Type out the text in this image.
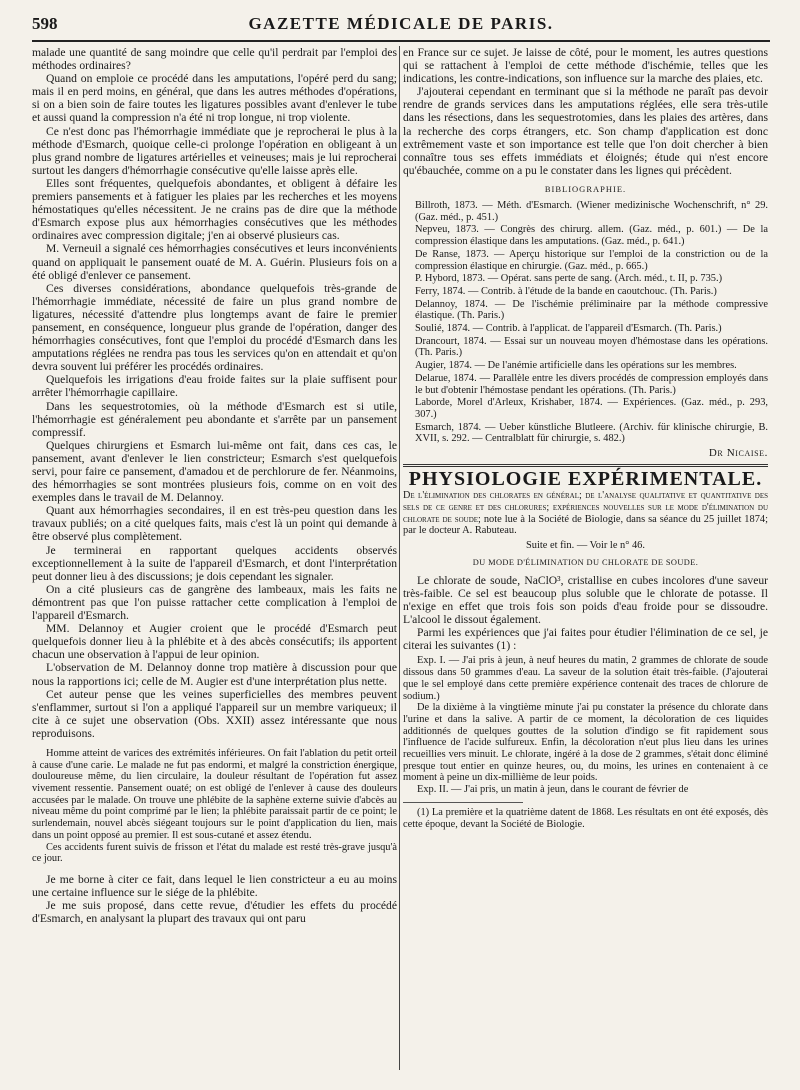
598	GAZETTE MÉDICALE DE PARIS.

malade une quantité de sang moindre que celle qu'il perdrait par l'emploi des méthodes ordinaires?

Quand on emploie ce procédé dans les amputations, l'opéré perd du sang; mais il en perd moins, en général, que dans les autres méthodes d'opérations, si on a bien soin de faire toutes les ligatures possibles avant d'enlever le tube et aussi quand la compression n'a été ni trop longue, ni trop violente.

Ce n'est donc pas l'hémorrhagie immédiate que je reprocherai le plus à la méthode d'Esmarch, quoique celle-ci prolonge l'opération en obligeant à un plus grand nombre de ligatures artérielles et veineuses; mais je lui reprocherai surtout les dangers d'hémorrhagie consécutive qu'elle laisse après elle.

Elles sont fréquentes, quelquefois abondantes, et obligent à défaire les premiers pansements et à fatiguer les plaies par les recherches et les moyens hémostatiques qu'elles nécessitent. Je ne crains pas de dire que la méthode d'Esmarch expose plus aux hémorrhagies consécutives que les méthodes ordinaires avec compression digitale; j'en ai observé plusieurs cas.

M. Verneuil a signalé ces hémorrhagies consécutives et leurs inconvénients quand on appliquait le pansement ouaté de M. A. Guérin. Plusieurs fois on a été obligé d'enlever ce pansement.

Ces diverses considérations, abondance quelquefois très-grande de l'hémorrhagie immédiate, nécessité de faire un plus grand nombre de ligatures, nécessité d'attendre plus longtemps avant de faire le premier pansement, en conséquence, longueur plus grande de l'opération, danger des hémorrhagies consécutives, font que l'emploi du procédé d'Esmarch dans les amputations réglées ne rendra pas tous les services qu'on en attendait et qu'on devra souvent lui préférer les procédés ordinaires.

Quelquefois les irrigations d'eau froide faites sur la plaie suffisent pour arrêter l'hémorrhagie capillaire.

Dans les sequestrotomies, où la méthode d'Esmarch est si utile, l'hémorrhagie est généralement peu abondante et s'arrête par un pansement compressif.

Quelques chirurgiens et Esmarch lui-même ont fait, dans ces cas, le pansement, avant d'enlever le lien constricteur; Esmarch s'est quelquefois servi, pour faire ce pansement, d'amadou et de perchlorure de fer. Néanmoins, des hémorrhagies se sont montrées plusieurs fois, comme on en voit des exemples dans le travail de M. Delannoy.

Quant aux hémorrhagies secondaires, il en est très-peu question dans les travaux publiés; on a cité quelques faits, mais c'est là un point qui demande à être observé plus complètement.

Je terminerai en rapportant quelques accidents observés exceptionnellement à la suite de l'appareil d'Esmarch, et dont l'interprétation peut donner lieu à des discussions; je dois cependant les signaler.

On a cité plusieurs cas de gangrène des lambeaux, mais les faits ne démontrent pas que l'on puisse rattacher cette complication à l'emploi de l'appareil d'Esmarch.

MM. Delannoy et Augier croient que le procédé d'Esmarch peut quelquefois donner lieu à la phlébite et à des abcès consécutifs; ils apportent chacun une observation à l'appui de leur opinion.

L'observation de M. Delannoy donne trop matière à discussion pour que nous la rapportions ici; celle de M. Augier est d'une interprétation plus nette.

Cet auteur pense que les veines superficielles des membres peuvent s'enflammer, surtout si l'on a appliqué l'appareil sur un membre variqueux; il cite à ce sujet une observation (Obs. XXII) assez intéressante que nous reproduisons.

Homme atteint de varices des extrémités inférieures. On fait l'ablation du petit orteil à cause d'une carie. Le malade ne fut pas endormi, et malgré la constriction énergique, douloureuse même, du lien circulaire, la douleur résultant de l'opération fut assez vivement ressentie. Pansement ouaté; on est obligé de l'enlever à cause des douleurs accusées par le malade. On trouve une phlébite de la saphène externe suivie d'abcès au niveau même du point comprimé par le lien; la phlébite paraissait partir de ce point; le surlendemain, nouvel abcès siégeant toujours sur le point d'application du lien, mais dans un point opposé au premier. Il est sous-cutané et assez étendu.

Ces accidents furent suivis de frisson et l'état du malade est resté très-grave jusqu'à ce jour.

Je me borne à citer ce fait, dans lequel le lien constricteur a eu au moins une certaine influence sur le siége de la phlébite.

Je me suis proposé, dans cette revue, d'étudier les effets du procédé d'Esmarch, en analysant la plupart des travaux qui ont paru

en France sur ce sujet. Je laisse de côté, pour le moment, les autres questions qui se rattachent à l'emploi de cette méthode d'ischémie, telles que les indications, les contre-indications, son influence sur la marche des plaies, etc.

J'ajouterai cependant en terminant que si la méthode ne paraît pas devoir rendre de grands services dans les amputations réglées, elle sera très-utile dans les résections, dans les sequestrotomies, dans les plaies des artères, dans la recherche des corps étrangers, etc. Son champ d'application est donc extrêmement vaste et son importance est telle que l'on doit chercher à bien connaître tous ses effets immédiats et éloignés; étude qui n'est encore qu'ébauchée, comme on a pu le constater dans les lignes qui précèdent.

BIBLIOGRAPHIE.

Billroth, 1873. — Méth. d'Esmarch. (Wiener medizinische Wochenschrift, n° 29. (Gaz. méd., p. 451.)

Nepveu, 1873. — Congrès des chirurg. allem. (Gaz. méd., p. 601.) — De la compression élastique dans les amputations. (Gaz. méd., p. 641.)

De Ranse, 1873. — Aperçu historique sur l'emploi de la constriction ou de la compression élastique en chirurgie. (Gaz. méd., p. 665.)

P. Hybord, 1873. — Opérat. sans perte de sang. (Arch. méd., t. II, p. 735.)

Ferry, 1874. — Contrib. à l'étude de la bande en caoutchouc. (Th. Paris.)

Delannoy, 1874. — De l'ischémie préliminaire par la méthode compressive élastique. (Th. Paris.)

Soulié, 1874. — Contrib. à l'applicat. de l'appareil d'Esmarch. (Th. Paris.)

Drancourt, 1874. — Essai sur un nouveau moyen d'hémostase dans les opérations. (Th. Paris.)

Augier, 1874. — De l'anémie artificielle dans les opérations sur les membres.

Delarue, 1874. — Parallèle entre les divers procédés de compression employés dans le but d'obtenir l'hémostase pendant les opérations. (Th. Paris.)

Laborde, Morel d'Arleux, Krishaber, 1874. — Expériences. (Gaz. méd., p. 293, 307.)

Esmarch, 1874. — Ueber künstliche Blutleere. (Archiv. für klinische chirurgie, B. XVII, s. 292. — Centralblatt für chirurgie, s. 482.)

Dr Nicaise.
PHYSIOLOGIE EXPÉRIMENTALE.

De l'élimination des chlorates en général; de l'analyse qualitative et quantitative des sels de ce genre et des chlorures; expériences nouvelles sur le mode d'élimination du chlorate de soude; note lue à la Société de Biologie, dans sa séance du 25 juillet 1874; par le docteur A. Rabuteau.

Suite et fin. — Voir le n° 46.

DU MODE D'ÉLIMINATION DU CHLORATE DE SOUDE.

Le chlorate de soude, NaClO³, cristallise en cubes incolores d'une saveur très-faible. Ce sel est beaucoup plus soluble que le chlorate de potasse. Il n'exige en effet que trois fois son poids d'eau froide pour se dissoudre. L'alcool le dissout également.

Parmi les expériences que j'ai faites pour étudier l'élimination de ce sel, je citerai les suivantes (1) :

Exp. I. — J'ai pris à jeun, à neuf heures du matin, 2 grammes de chlorate de soude dissous dans 50 grammes d'eau. La saveur de la solution était très-faible. (J'ajouterai que le sel employé dans cette première expérience contenait des traces de chlorure de sodium.)

De la dixième à la vingtième minute j'ai pu constater la présence du chlorate dans l'urine et dans la salive. A partir de ce moment, la décoloration de ces liquides additionnés de quelques gouttes de la solution d'indigo se fit rapidement sous l'influence de l'acide sulfureux. Enfin, la décoloration n'eut plus lieu dans les urines recueillies vers minuit. Le chlorate, ingéré à la dose de 2 grammes, s'était donc éliminé presque tout entier en quinze heures, ou, du moins, les urines en contenaient à ce moment à peine un dix-millième de leur poids.

Exp. II. — J'ai pris, un matin à jeun, dans le courant de février de

(1) La première et la quatrième datent de 1868. Les résultats en ont été exposés, dès cette époque, devant la Société de Biologie.
